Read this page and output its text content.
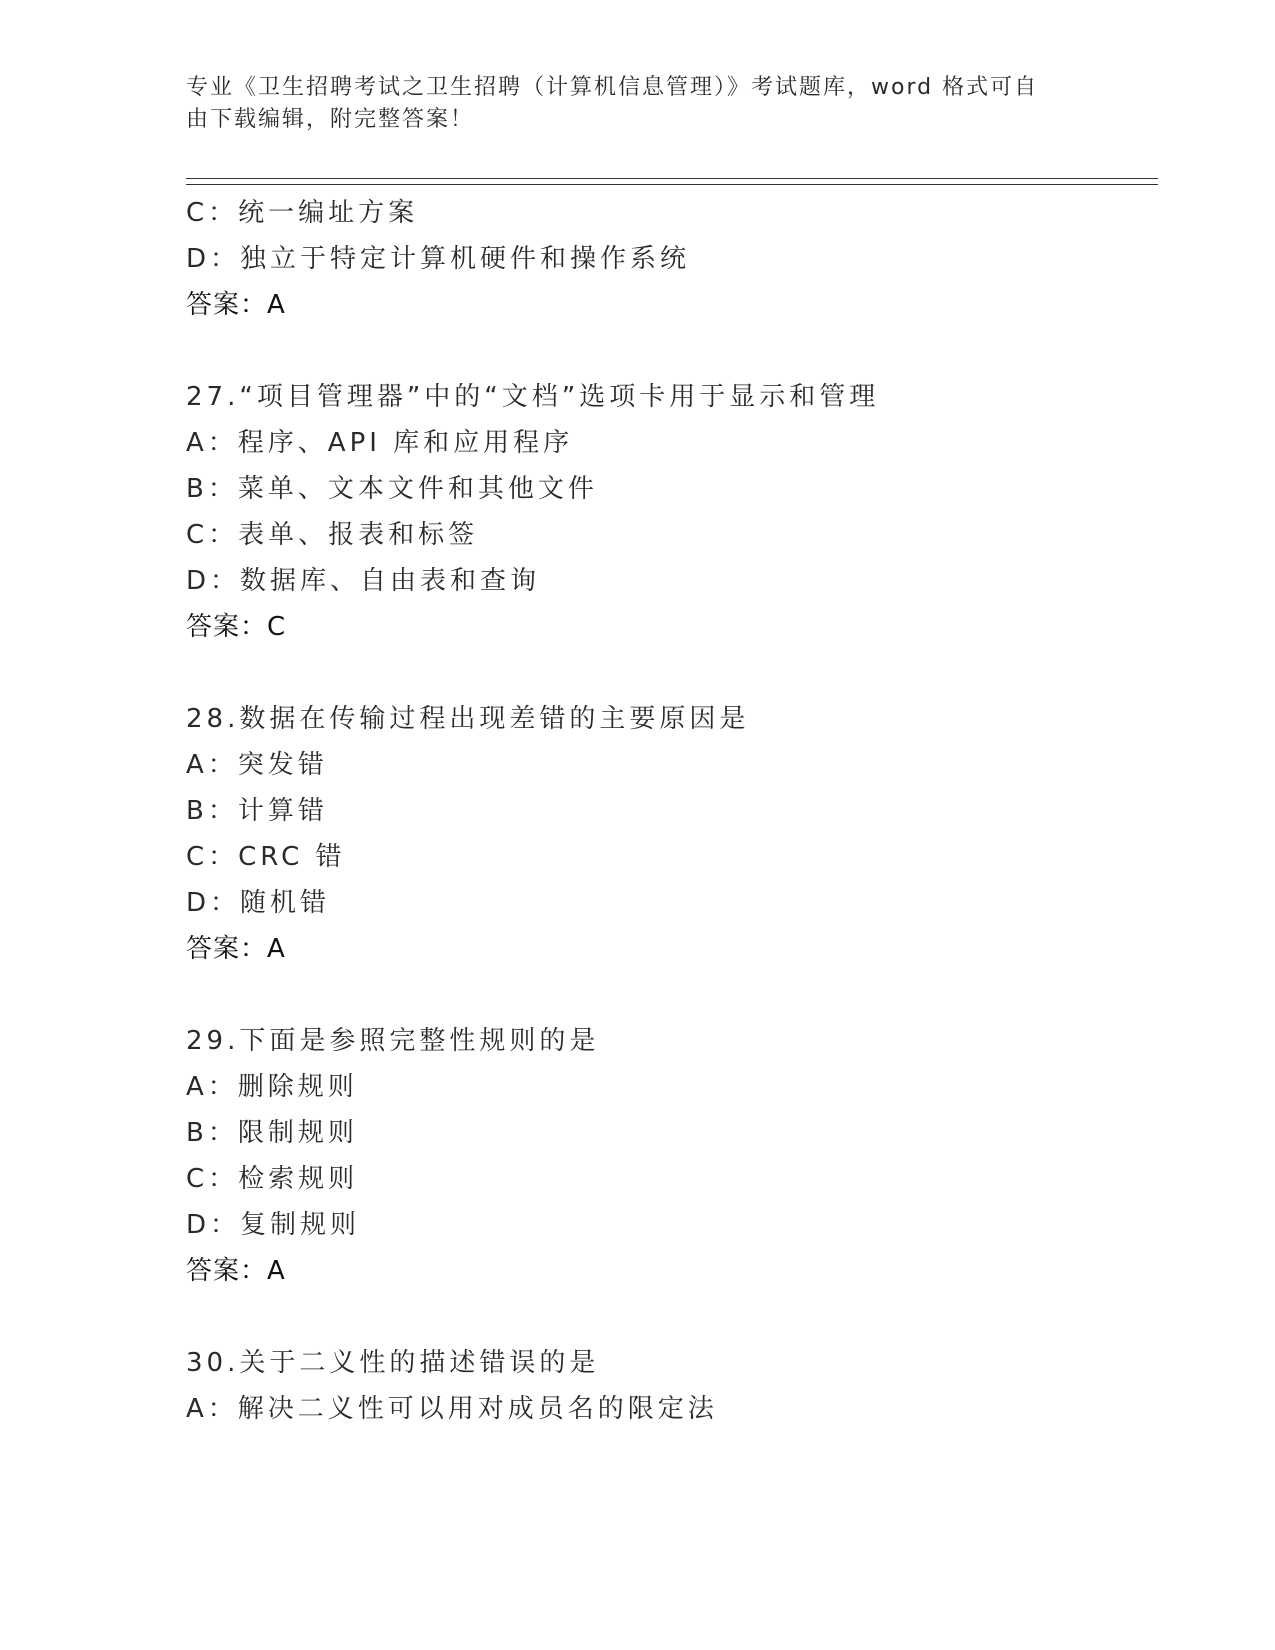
专业《卫生招聘考试之卫生招聘（计算机信息管理）》考试题库，word 格式可自
由下载编辑，附完整答案！
C：统一编址方案
D：独立于特定计算机硬件和操作系统
答案：A
27.“项目管理器”中的“文档”选项卡用于显示和管理
A：程序、API 库和应用程序
B：菜单、文本文件和其他文件
C：表单、报表和标签
D：数据库、自由表和查询
答案：C
28.数据在传输过程出现差错的主要原因是
A：突发错
B：计算错
C：CRC 错
D：随机错
答案：A
29.下面是参照完整性规则的是
A：删除规则
B：限制规则
C：检索规则
D：复制规则
答案：A
30.关于二义性的描述错误的是
A：解决二义性可以用对成员名的限定法
